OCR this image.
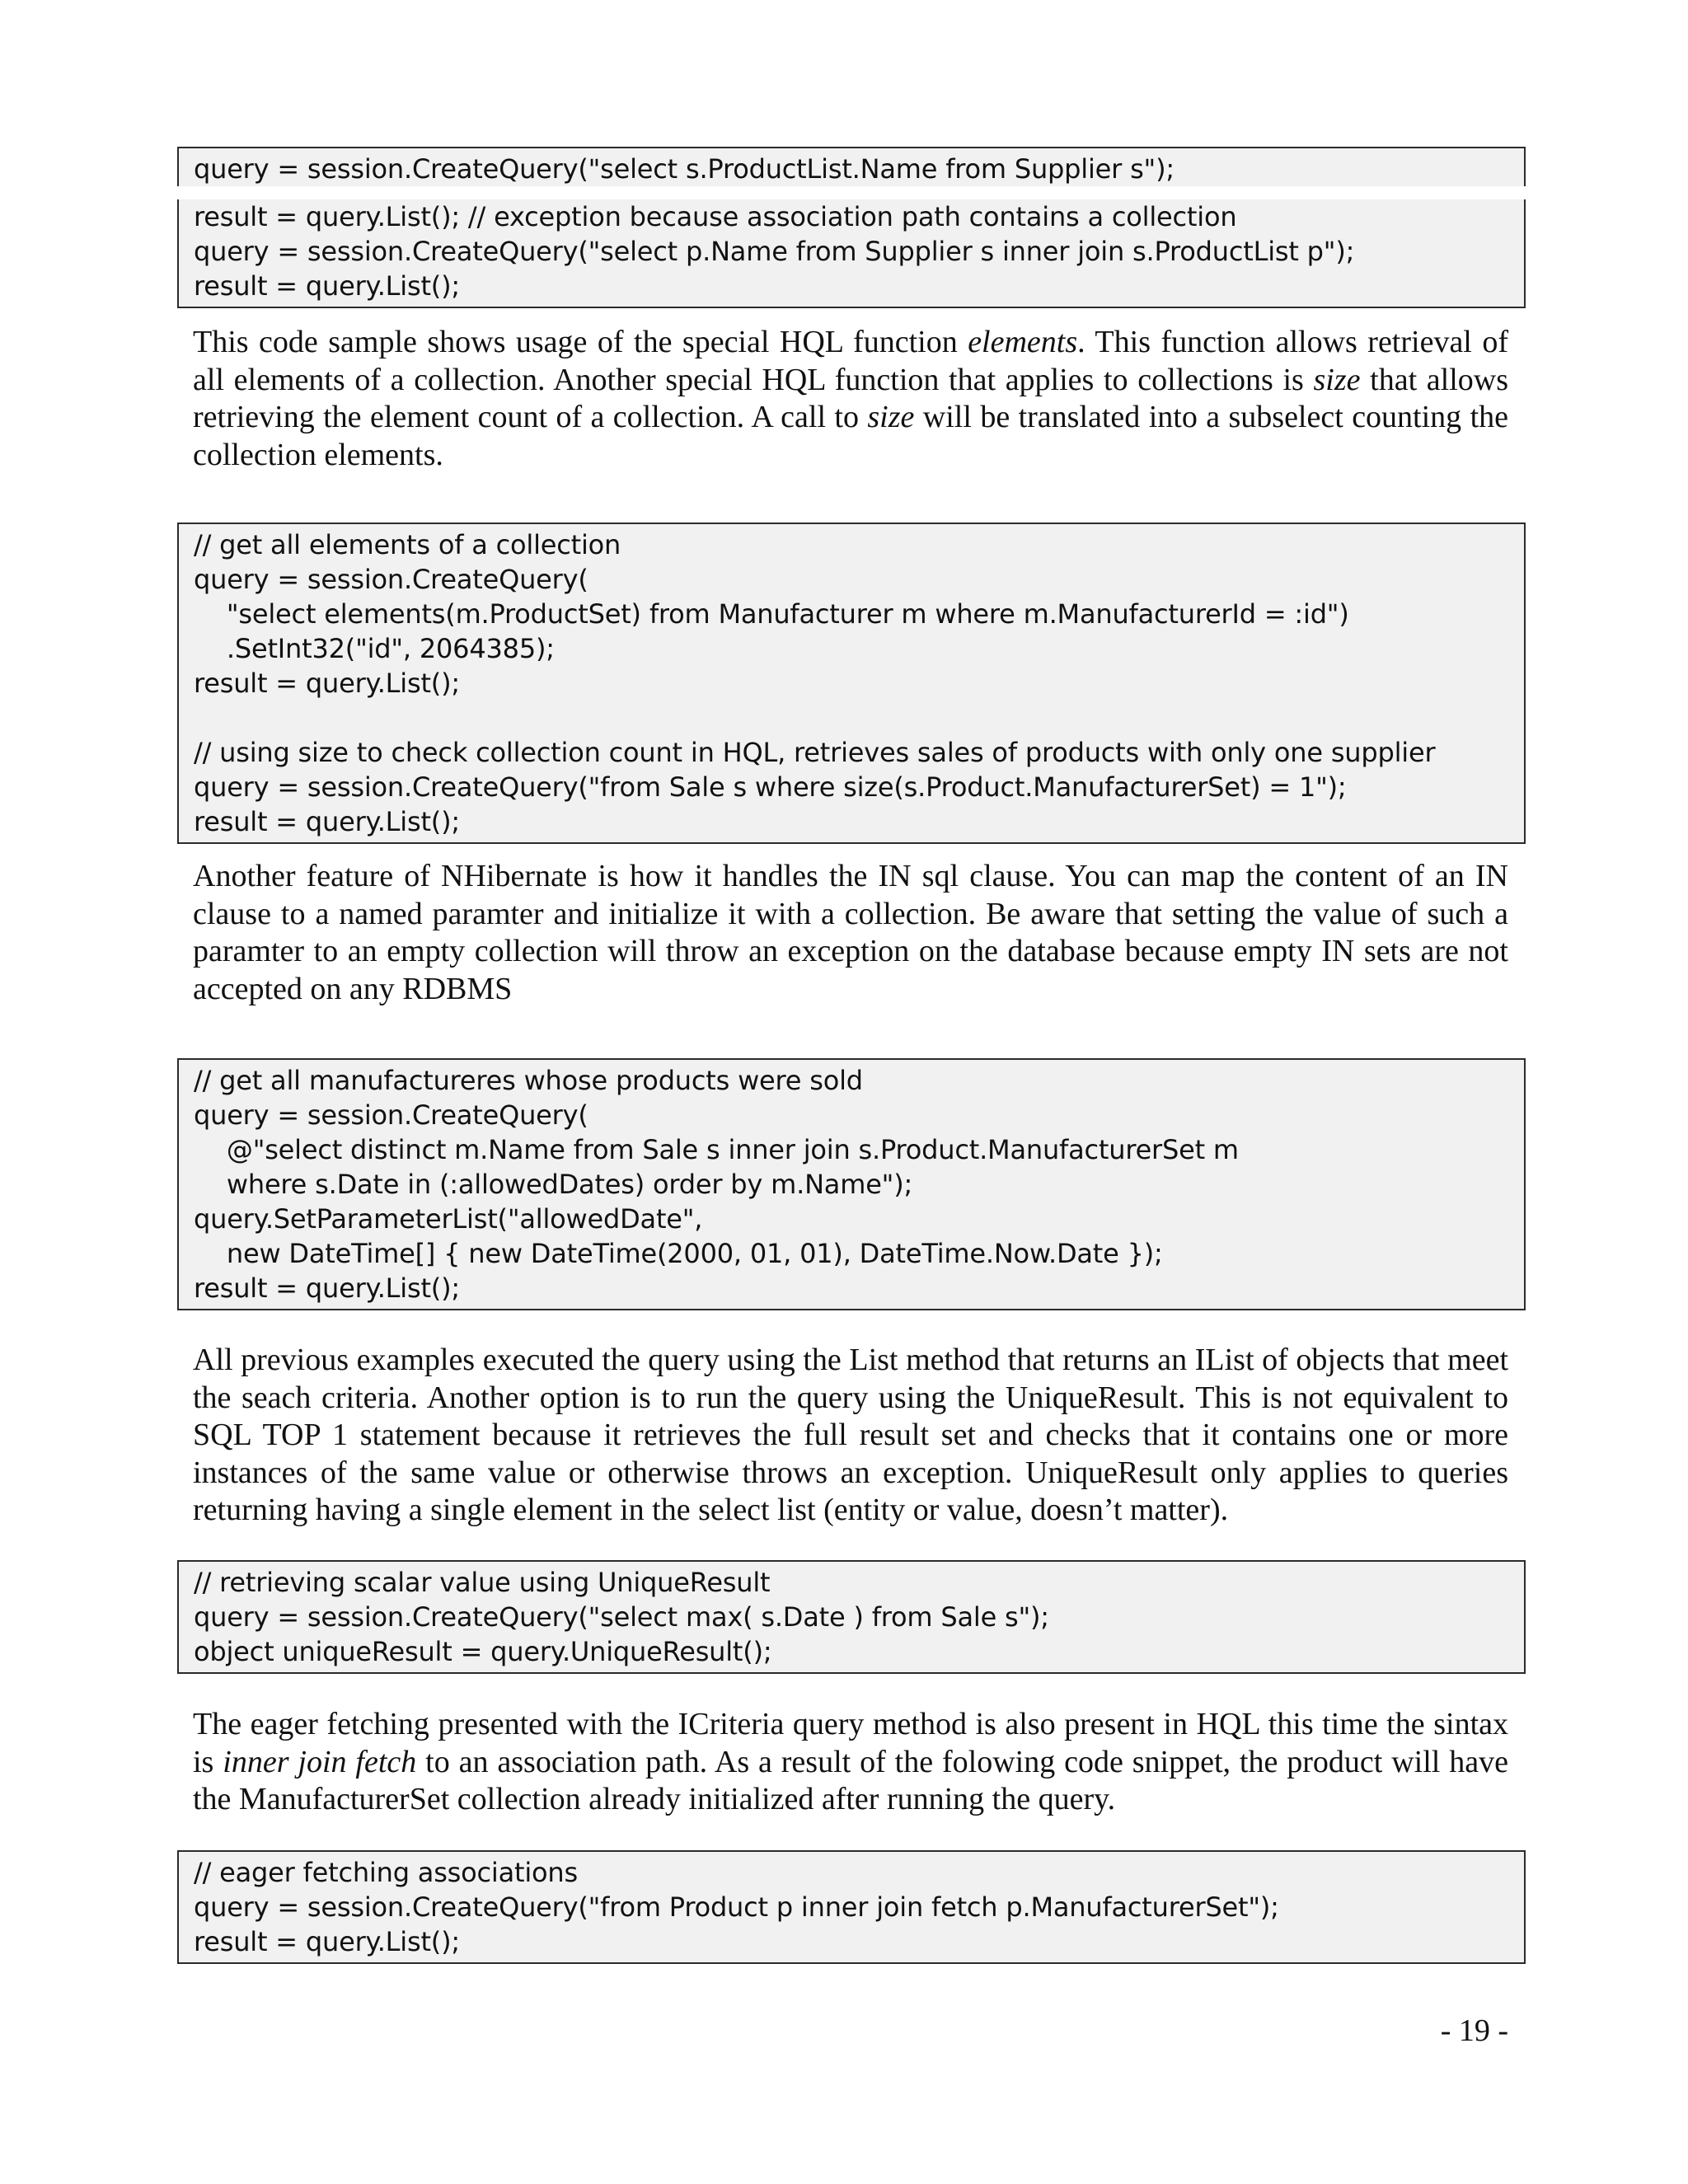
query = session.CreateQuery("select s.ProductList.Name from Supplier s");
result = query.List(); // exception because association path contains a collection
query = session.CreateQuery("select p.Name from Supplier s inner join s.ProductList p");
result = query.List();

This code sample shows usage of the special HQL function elements. This function allows retrieval of all elements of a collection. Another special HQL function that applies to collections is size that allows retrieving the element count of a collection. A call to size will be translated into a subselect counting the collection elements.

// get all elements of a collection
query = session.CreateQuery(
"select elements(m.ProductSet) from Manufacturer m where m.ManufacturerId = :id")
.SetInt32("id", 2064385);
result = query.List();
// using size to check collection count in HQL, retrieves sales of products with only one supplier
query = session.CreateQuery("from Sale s where size(s.Product.ManufacturerSet) = 1");
result = query.List();

Another feature of NHibernate is how it handles the IN sql clause. You can map the content of an IN clause to a named paramter and initialize it with a collection. Be aware that setting the value of such a paramter to an empty collection will throw an exception on the database because empty IN sets are not accepted on any RDBMS

// get all manufactureres whose products were sold
query = session.CreateQuery(
@"select distinct m.Name from Sale s inner join s.Product.ManufacturerSet m
where s.Date in (:allowedDates) order by m.Name");
query.SetParameterList("allowedDate",
new DateTime[] { new DateTime(2000, 01, 01), DateTime.Now.Date });
result = query.List();

All previous examples executed the query using the List method that returns an IList of objects that meet the seach criteria. Another option is to run the query using the UniqueResult. This is not equivalent to SQL TOP 1 statement because it retrieves the full result set and checks that it contains one or more instances of the same value or otherwise throws an exception. UniqueResult only applies to queries returning having a single element in the select list (entity or value, doesn’t matter).

// retrieving scalar value using UniqueResult
query = session.CreateQuery("select max( s.Date ) from Sale s");
object uniqueResult = query.UniqueResult();

The eager fetching presented with the ICriteria query method is also present in HQL this time the sintax is inner join fetch to an association path. As a result of the folowing code snippet, the product will have the ManufacturerSet collection already initialized after running the query.

// eager fetching associations
query = session.CreateQuery("from Product p inner join fetch p.ManufacturerSet");
result = query.List();
- 19 -
